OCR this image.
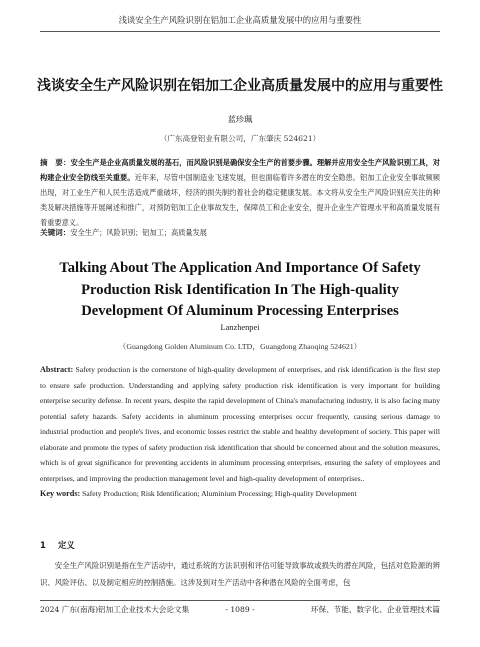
浅谈安全生产风险识别在铝加工企业高质量发展中的应用与重要性
浅谈安全生产风险识别在铝加工企业高质量发展中的应用与重要性
蓝珍珮
（广东高登铝业有限公司，广东肇庆 524621）
摘　要：安全生产是企业高质量发展的基石，而风险识别是确保安全生产的首要步骤。理解并应用安全生产风险识别工具，对构建企业安全防线至关重要。近年来，尽管中国制造业飞速发展，但也面临着许多潜在的安全隐患。铝加工企业安全事故频频出现，对工业生产和人民生活造成严重破坏，经济的损失制约着社会的稳定健康发展。本文将从安全生产风险识别应关注的种类及解决措施等开展阐述和推广，对预防铝加工企业事故发生，保障员工和企业安全，提升企业生产管理水平和高质量发展有着重要意义。
关键词：安全生产；风险识别；铝加工；高质量发展
Talking About The Application And Importance Of Safety Production Risk Identification In The High-quality Development Of Aluminum Processing Enterprises
Lanzhenpei
（Guangdong Golden Aluminum Co. LTD，Guangdong Zhaoqing 524621）
Abstract: Safety production is the cornerstone of high-quality development of enterprises, and risk identification is the first step to ensure safe production. Understanding and applying safety production risk identification is very important for building enterprise security defense. In recent years, despite the rapid development of China's manufacturing industry, it is also facing many potential safety hazards. Safety accidents in aluminum processing enterprises occur frequently, causing serious damage to industrial production and people's lives, and economic losses restrict the stable and healthy development of society. This paper will elaborate and promote the types of safety production risk identification that should be concerned about and the solution measures, which is of great significance for preventing accidents in aluminum processing enterprises, ensuring the safety of employees and enterprises, and improving the production management level and high-quality development of enterprises..
Key words: Safety Production; Risk Identification; Aluminium Processing; High-quality Development
1 定义
安全生产风险识别是指在生产活动中，通过系统的方法识别和评估可能导致事故或损失的潜在风险，包括对危险源的辨识、风险评估、以及制定相应的控制措施。这涉及到对生产活动中各种潜在风险的全面考虑，包
2024 广东(南海)铝加工企业技术大会论文集	- 1089 -	环保、节能、数字化、企业管理技术篇
